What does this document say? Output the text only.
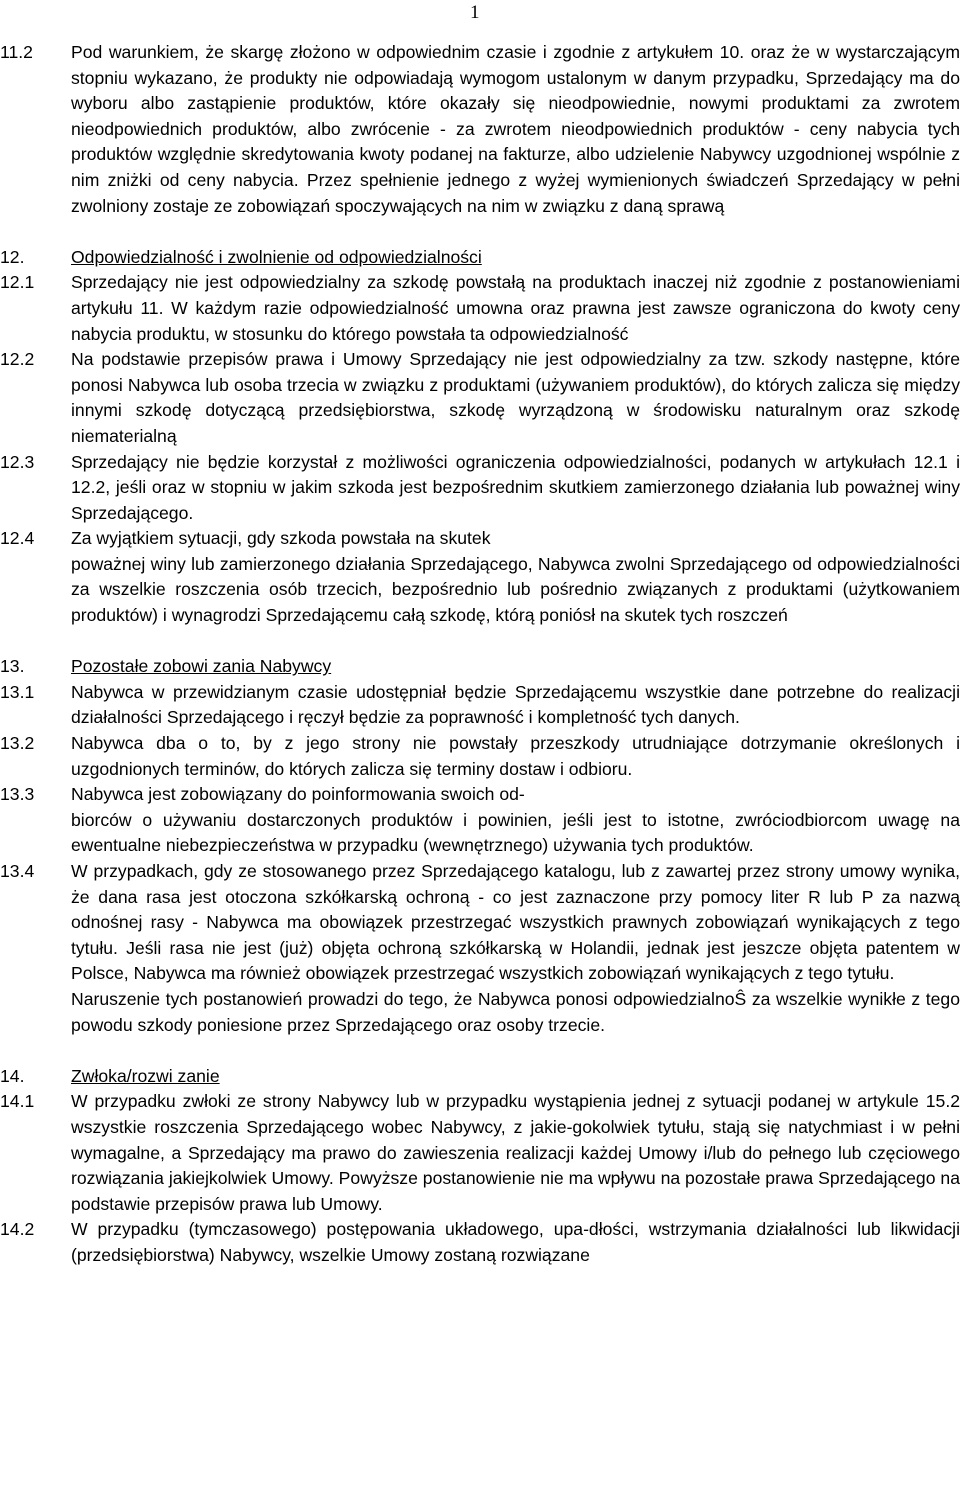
1
11.2	Pod warunkiem, że skargę złożono w odpowiednim czasie i zgodnie z artykułem 10. oraz że w wystarczającym stopniu wykazano, że produkty nie odpowiadają wymogom ustalonym w danym przypadku, Sprzedający ma do wyboru albo zastąpienie produktów, które okazały się nieodpowiednie, nowymi produktami za zwrotem nieodpowiednich produktów, albo zwrócenie - za zwrotem nieodpowiednich produktów - ceny nabycia tych produktów względnie skredytowania kwoty podanej na fakturze, albo udzielenie Nabywcy uzgodnionej wspólnie z nim zniżki od ceny nabycia. Przez spełnienie jednego z wyżej wymienionych świadczeń Sprzedający w pełni zwolniony zostaje ze zobowiązań spoczywających na nim w związku z daną sprawą
12.	Odpowiedzialność i zwolnienie od odpowiedzialności
12.1	Sprzedający nie jest odpowiedzialny za szkodę powstałą na produktach inaczej niż zgodnie z postanowieniami artykułu 11. W każdym razie odpowiedzialność umowna oraz prawna jest zawsze ograniczona do kwoty ceny nabycia produktu, w stosunku do którego powstała ta odpowiedzialność
12.2	Na podstawie przepisów prawa i Umowy Sprzedający nie jest odpowiedzialny za tzw. szkody następne, które ponosi Nabywca lub osoba trzecia w związku z produktami (używaniem produktów), do których zalicza się między innymi szkodę dotyczącą przedsiębiorstwa, szkodę wyrządzoną w środowisku naturalnym oraz szkodę niematerialną
12.3	Sprzedający nie będzie korzystał z możliwości ograniczenia odpowiedzialności, podanych w artykułach 12.1 i 12.2, jeśli oraz w stopniu w jakim szkoda jest bezpośrednim skutkiem zamierzonego działania lub poważnej winy Sprzedającego.
12.4	Za wyjątkiem sytuacji, gdy szkoda powstała na skutek
poważnej winy lub zamierzonego działania Sprzedającego, Nabywca zwolni Sprzedającego od odpowiedzialności za wszelkie roszczenia osób trzecich, bezpośrednio lub pośrednio związanych z produktami (użytkowaniem produktów) i wynagrodzi Sprzedającemu całą szkodę, którą poniósł na skutek tych roszczeń
13.	Pozostałe zobowi zania Nabywcy
13.1	Nabywca w przewidzianym czasie udostępniał będzie Sprzedającemu wszystkie dane potrzebne do realizacji działalności Sprzedającego i ręczył będzie za poprawność i kompletność tych danych.
13.2	Nabywca dba o to, by z jego strony nie powstały przeszkody utrudniające dotrzymanie określonych i uzgodnionych terminów, do których zalicza się terminy dostaw i odbioru.
13.3	Nabywca jest zobowiązany do poinformowania swoich od-
biorców o używaniu dostarczonych produktów i powinien, jeśli jest to istotne, zwróciodbiorcom uwagę na ewentualne niebezpieczeństwa w przypadku (wewnętrznego) używania tych produktów.
13.4	W przypadkach, gdy ze stosowanego przez Sprzedającego katalogu, lub z zawartej przez strony umowy wynika, że dana rasa jest otoczona szkółkarską ochroną - co jest zaznaczone przy pomocy liter R lub P za nazwą odnośnej rasy - Nabywca ma obowiązek przestrzegać wszystkich prawnych zobowiązań wynikających z tego tytułu. Jeśli rasa nie jest (już) objęta ochroną szkółkarską w Holandii, jednak jest jeszcze objęta patentem w Polsce, Nabywca ma również obowiązek przestrzegać wszystkich zobowiązań wynikających z tego tytułu.
Naruszenie tych postanowień prowadzi do tego, że Nabywca ponosi odpowiedzialnoŜ za wszelkie wynikłe z tego powodu szkody poniesione przez Sprzedającego oraz osoby trzecie.
14.	Zwłoka/rozwi zanie
14.1	W przypadku zwłoki ze strony Nabywcy lub w przypadku wystąpienia jednej z sytuacji podanej w artykule 15.2 wszystkie roszczenia Sprzedającego wobec Nabywcy, z jakie-gokolwiek tytułu, stają się natychmiast i w pełni wymagalne, a Sprzedający ma prawo do zawieszenia realizacji każdej Umowy i/lub do pełnego lub częciowego rozwiązania jakiejkolwiek Umowy. Powyższe postanowienie nie ma wpływu na pozostałe prawa Sprzedającego na podstawie przepisów prawa lub Umowy.
14.2	W przypadku (tymczasowego) postępowania układowego, upa-dłości, wstrzymania działalności lub likwidacji (przedsiębiorstwa) Nabywcy, wszelkie Umowy zostaną rozwiązane
